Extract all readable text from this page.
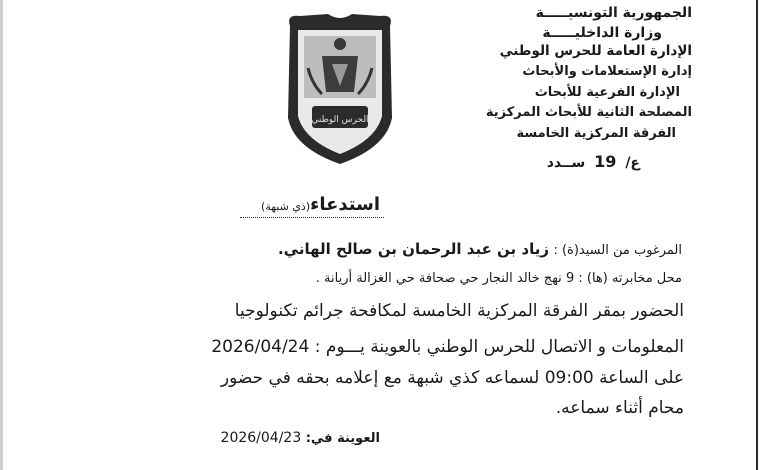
الجمهورية التونسيـــــة
وزارة الداخليـــــة
الإدارة العامة للحرس الوطني
إدارة الإستعلامات والأبحاث
الإدارة الفرعية للأبحاث
المصلحة الثانية للأبحاث المركزية
الفرقة المركزية الخامسة
ع/ 19 ســدد
الحرس الوطني
استدعاء(ذي شبهة)
المرغوب من السيد(ة) : زياد بن عبد الرحمان بن صالح الهاني.
محل مخابرته (ها) : 9 نهج خالد النجار حي صحافة حي الغزالة أريانة .
الحضور بمقر الفرقة المركزية الخامسة لمكافحة جرائم تكنولوجيا
المعلومات و الاتصال للحرس الوطني بالعوينة يـــوم : 2026/04/24
على الساعة 09:00 لسماعه كذي شبهة مع إعلامه بحقه في حضور
محام أثناء سماعه.
العوينة في: 2026/04/23
